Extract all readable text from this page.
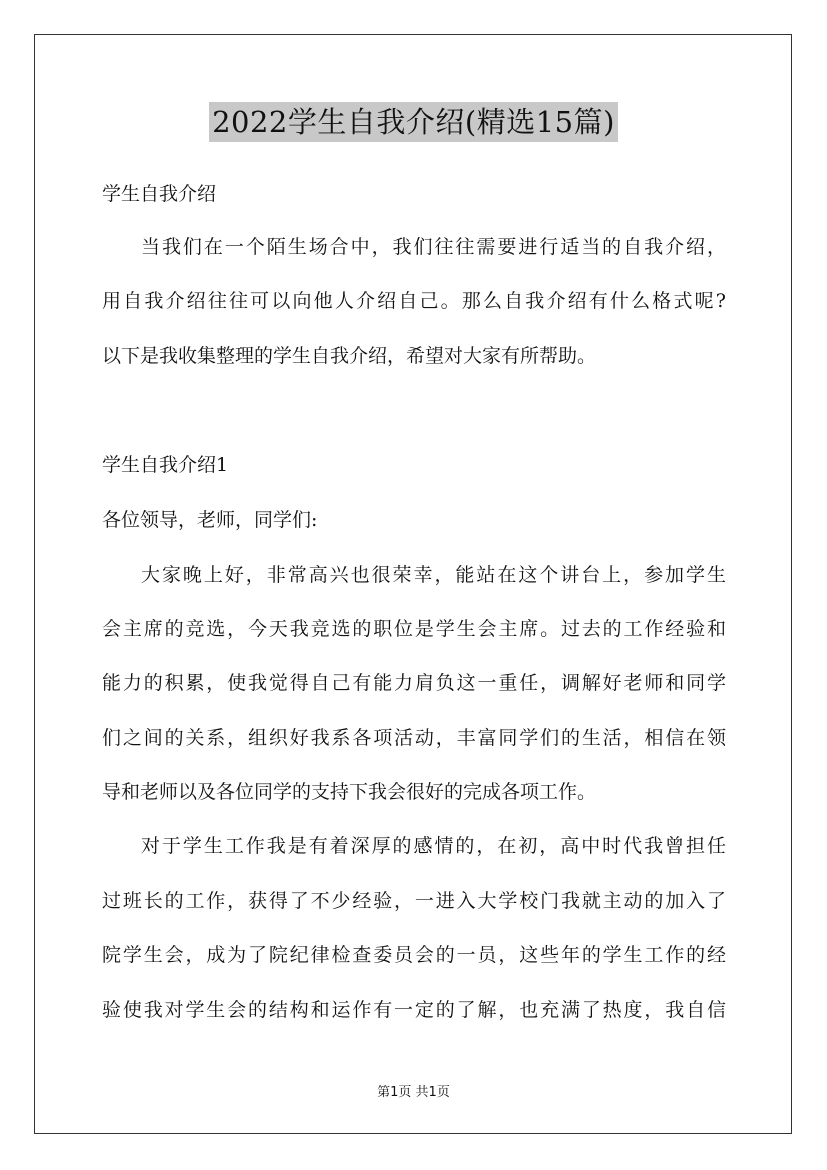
2022学生自我介绍(精选15篇)
学生自我介绍
当我们在一个陌生场合中，我们往往需要进行适当的自我介绍，
用自我介绍往往可以向他人介绍自己。那么自我介绍有什么格式呢?
以下是我收集整理的学生自我介绍，希望对大家有所帮助。
学生自我介绍1
各位领导，老师，同学们:
大家晚上好，非常高兴也很荣幸，能站在这个讲台上，参加学生
会主席的竞选，今天我竞选的职位是学生会主席。过去的工作经验和
能力的积累，使我觉得自己有能力肩负这一重任，调解好老师和同学
们之间的关系，组织好我系各项活动，丰富同学们的生活，相信在领
导和老师以及各位同学的支持下我会很好的完成各项工作。
对于学生工作我是有着深厚的感情的，在初，高中时代我曾担任
过班长的工作，获得了不少经验，一进入大学校门我就主动的加入了
院学生会，成为了院纪律检查委员会的一员，这些年的学生工作的经
验使我对学生会的结构和运作有一定的了解，也充满了热度，我自信
第1页 共1页
